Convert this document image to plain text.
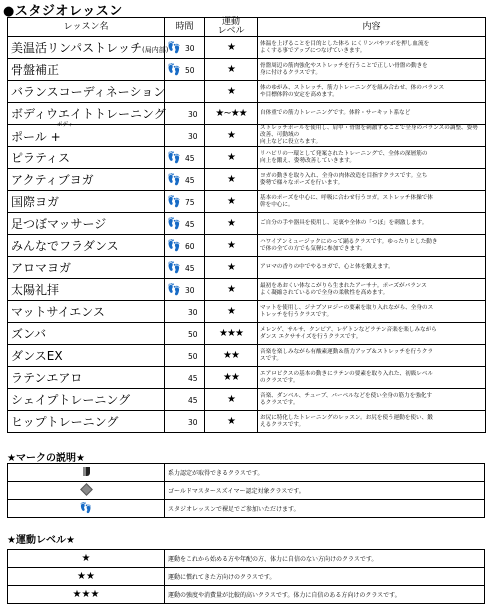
●スタジオレッスン
レッスン名	時間	運動
レベル	内容
美温活リンパストレッチ(局内部)	👣 30	★	体温を上げることを目的とした体ろ にくリンパやツボを押し血流を
よくする事でアップにつなげていきます。

骨盤補正	👣 50	★	骨盤周辺の筋肉強化やストレッチを行うことで正しい骨盤の動きを
身に付けるクラスです。

バランスコーディネーション		★	体のゆがみ、ストレッチ、筋力トレーニングを組み合わせ、体のバランス
や目標体幹の安定を高めます。

ボディウエイトトレーニング	30	★~★★	自体重での筋力トレーニングです。体幹・サーキット系など

ポディ
ポール +	30	★	ストレッチポールを使用し、肩甲・骨盤を刺激することで全身のバランスの調整、姿勢改善、可動域の
向上などに役立ちます。

ピラティス	👣 45	★	リハビリの一環として発案されたトレーニングで、全体の深層筋の
向上を鍛え、姿勢改善していきます。

アクティブヨガ	👣 45	★	ヨガの動きを取り入れ、全身の肉体改造を目指すクラスです。立ち
姿勢で様々なポーズを行います。

国際ヨガ	👣 75	★	基本のポーズを中心に、呼吸に合わせ行うヨガ。ストレッチ体操で体
幹を中心に。

足つぼマッサージ	👣 45	★	ご自分の手や器具を使用し、足裏や全体の「つぼ」を刺激します。

みんなでフラダンス	👣 60	★	ハワイアンミュージックにのって踊るクラスです。ゆったりとした動き
で体の全ての方でも気軽に参加できます。

アロマヨガ	👣 45	★	アロマの香りの中でやるヨガで、心と体を鍛えます。

太陽礼拝	👣 30	★	最初をあおくい体なこがりら生まれたアーサナ。ポーズがバランス
よく凝縮されているので全身の柔軟性を高めます。

マットサイエンス	30	★	マットを使用し、ジナプソロジーの要素を取り入れながら、全身のス
トレッチを行うクラスです。

ズンバ	50	★★★	メレンゲ、サルサ、クンビア、レゲトンなどラテン音楽を楽しみながら
ダンス エクササイズを行うクラスです。

ダンスEX	50	★★	音楽を楽しみながら有酸素運動＆筋力アップ＆ストレッチを行うクラ
スです。

ラテンエアロ	45	★★	エアロビクスの基本の動きにラテンの要素を取り入れた、初級レベル
のクラスです。

シェイプトレーニング	45	★	音楽、ダンベル、チューブ、バーベルなどを使い全身の筋力を強化す
るクラスです。

ヒップトレーニング	30	★	お尻に特化したトレーニングのレッスン。お尻を使う運動を使い、鍛
えるクラスです。
★マークの説明★
	系力認定が取得できるクラスです。
	ゴールドマスタースズイマー認定対象クラスです。
👣	スタジオレッスンで裸足でご参加いただけます。
★運動レベル★
★	運動をこれから始める方や年配の方、体力に自信のない方向けのクラスです。
★★	運動に慣れてきた方向けのクラスです。
★★★	運動の強度や消費量が比較的高いクラスです。体力に自信のある方向けのクラスです。
